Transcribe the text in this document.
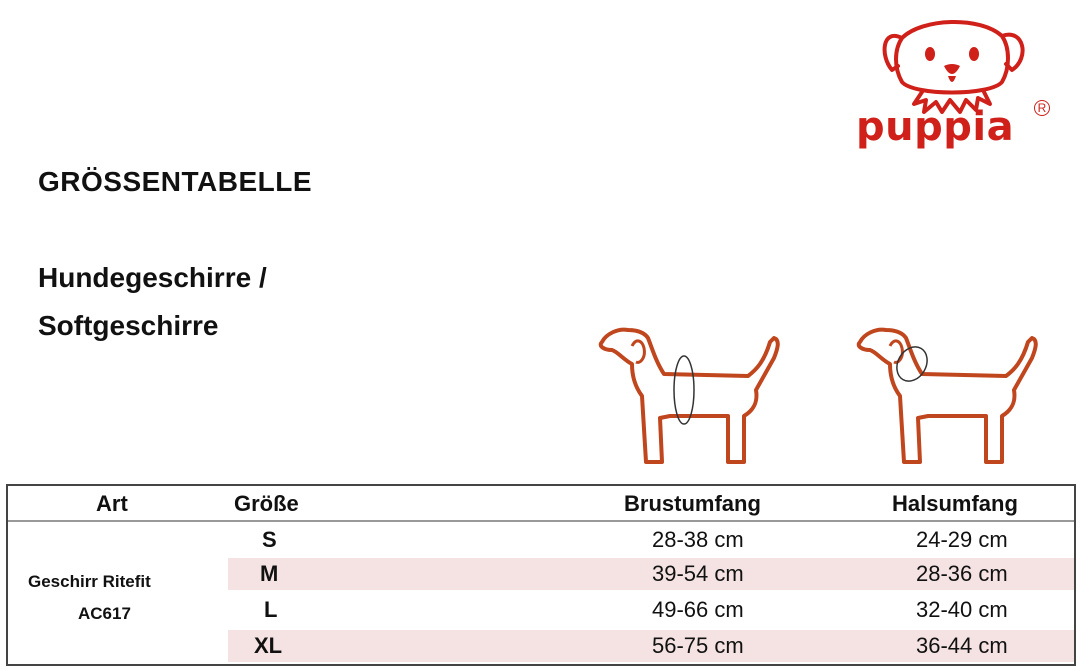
puppia	R
GRÖSSENTABELLE
Hundegeschirre /
Softgeschirre
Art	Größe	Brustumfang	Halsumfang
Geschirr Ritefit
AC617
S	28-38 cm	24-29 cm
M	39-54 cm	28-36 cm
L	49-66 cm	32-40 cm
XL	56-75 cm	36-44 cm
